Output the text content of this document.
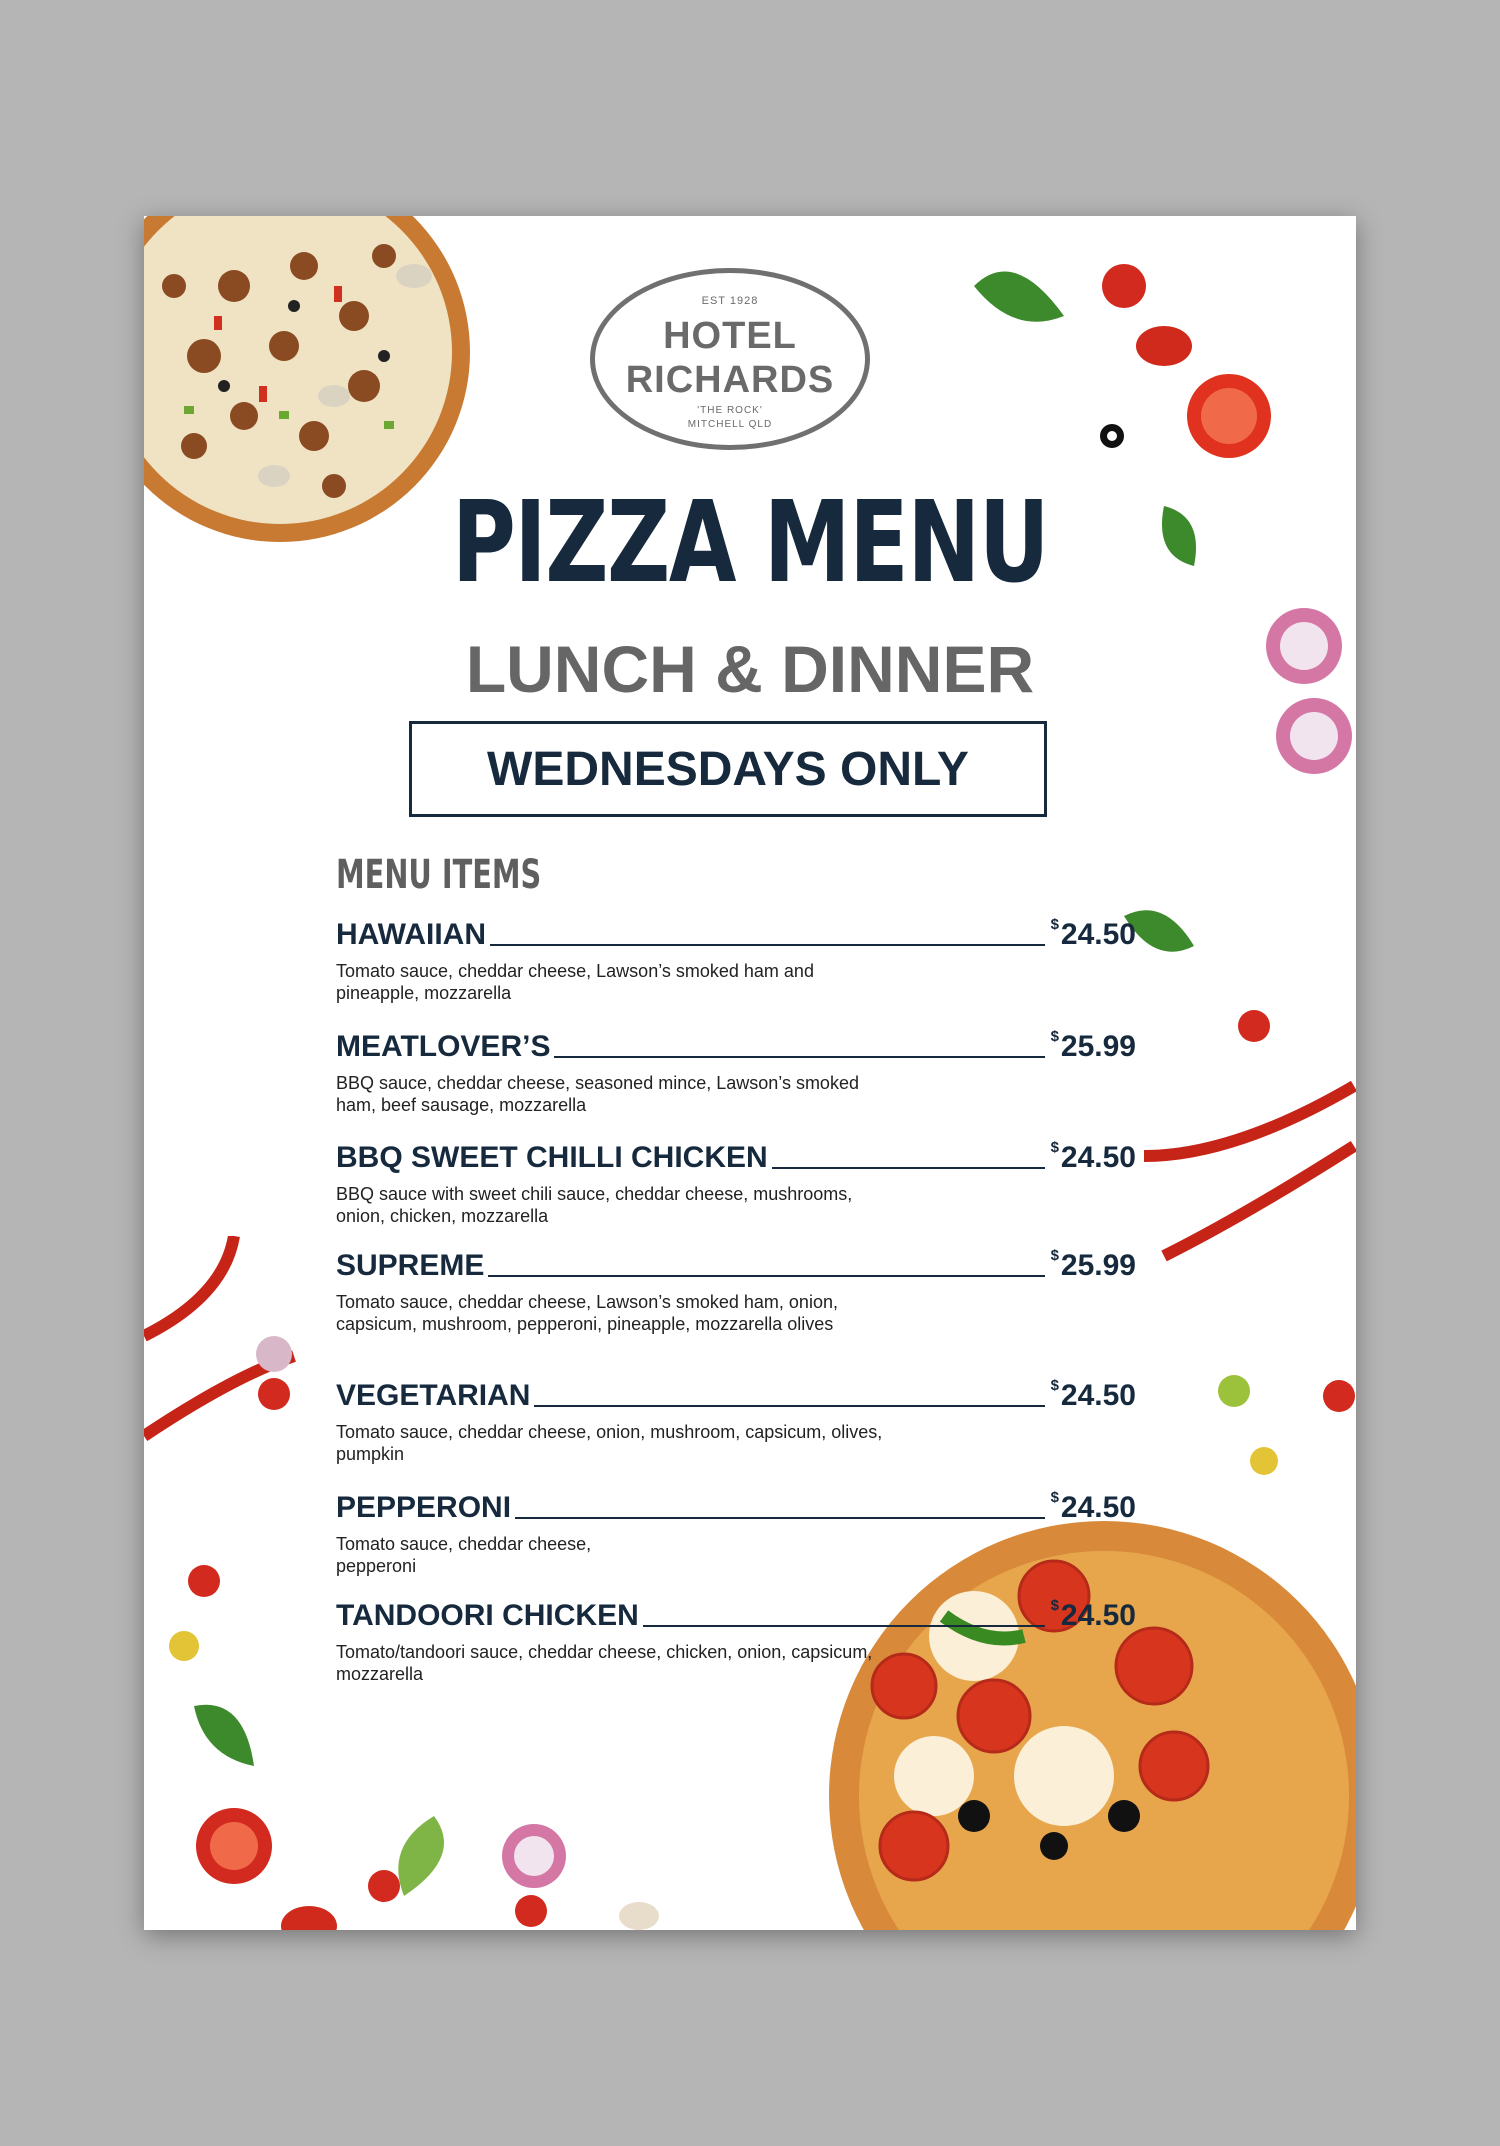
EST 1928
HOTEL
RICHARDS
'THE ROCK'
MITCHELL QLD
PIZZA MENU
LUNCH & DINNER
WEDNESDAYS ONLY
MENU ITEMS
HAWAIIAN	$24.50
Tomato sauce, cheddar cheese, Lawson’s smoked ham and pineapple, mozzarella
MEATLOVER’S	$25.99
BBQ sauce, cheddar cheese, seasoned mince, Lawson’s smoked ham, beef sausage, mozzarella
BBQ SWEET CHILLI CHICKEN	$24.50
BBQ sauce with sweet chili sauce, cheddar cheese, mushrooms, onion, chicken, mozzarella
SUPREME	$25.99
Tomato sauce, cheddar cheese, Lawson’s smoked ham, onion, capsicum, mushroom, pepperoni, pineapple, mozzarella olives
VEGETARIAN	$24.50
Tomato sauce, cheddar cheese, onion, mushroom, capsicum, olives, pumpkin
PEPPERONI	$24.50
Tomato sauce, cheddar cheese, pepperoni
TANDOORI CHICKEN	$24.50
Tomato/tandoori sauce, cheddar cheese, chicken, onion, capsicum, mozzarella
